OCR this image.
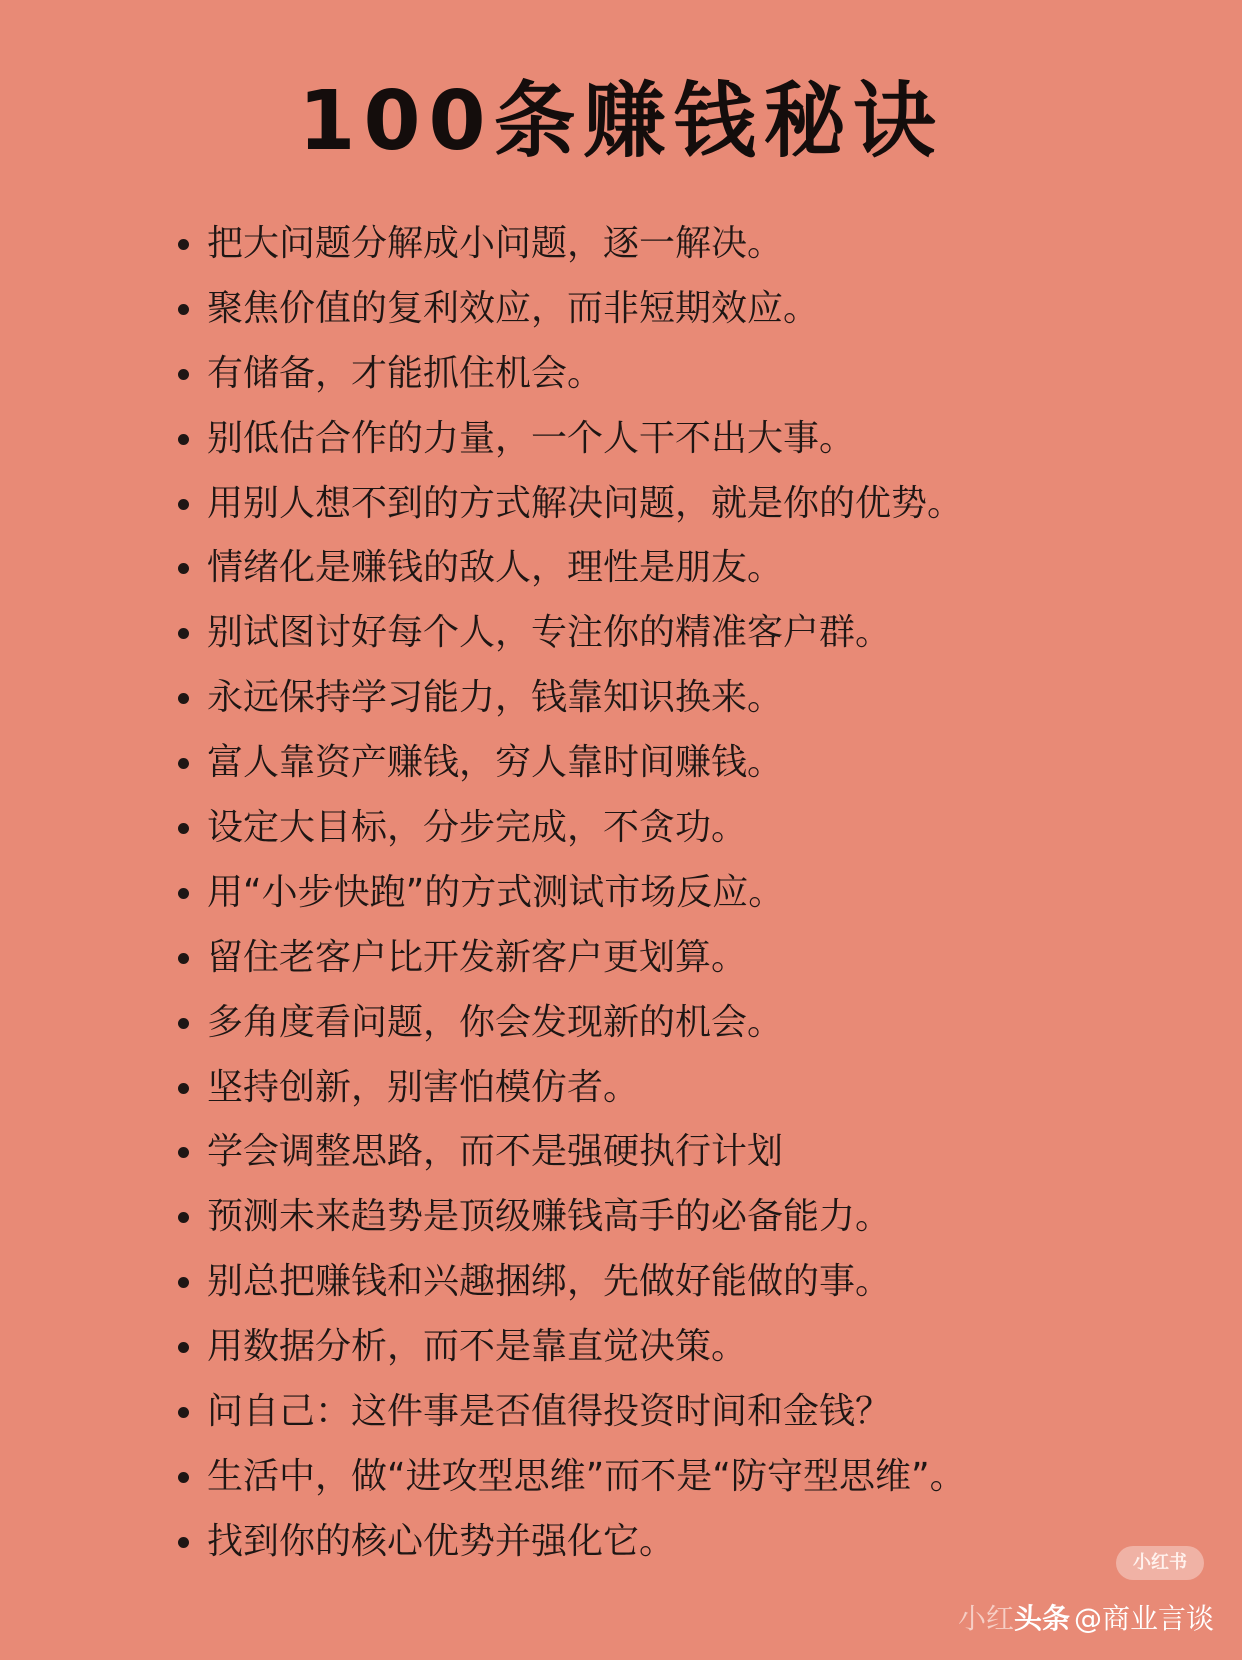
100条赚钱秘诀
把大问题分解成小问题，逐一解决。
聚焦价值的复利效应，而非短期效应。
有储备，才能抓住机会。
别低估合作的力量，一个人干不出大事。
用别人想不到的方式解决问题，就是你的优势。
情绪化是赚钱的敌人，理性是朋友。
别试图讨好每个人，专注你的精准客户群。
永远保持学习能力，钱靠知识换来。
富人靠资产赚钱，穷人靠时间赚钱。
设定大目标，分步完成，不贪功。
用“小步快跑”的方式测试市场反应。
留住老客户比开发新客户更划算。
多角度看问题，你会发现新的机会。
坚持创新，别害怕模仿者。
学会调整思路，而不是强硬执行计划
预测未来趋势是顶级赚钱高手的必备能力。
别总把赚钱和兴趣捆绑，先做好能做的事。
用数据分析，而不是靠直觉决策。
问自己：这件事是否值得投资时间和金钱？
生活中，做“进攻型思维”而不是“防守型思维”。
找到你的核心优势并强化它。
小红书
小红 头条 @商业言谈
